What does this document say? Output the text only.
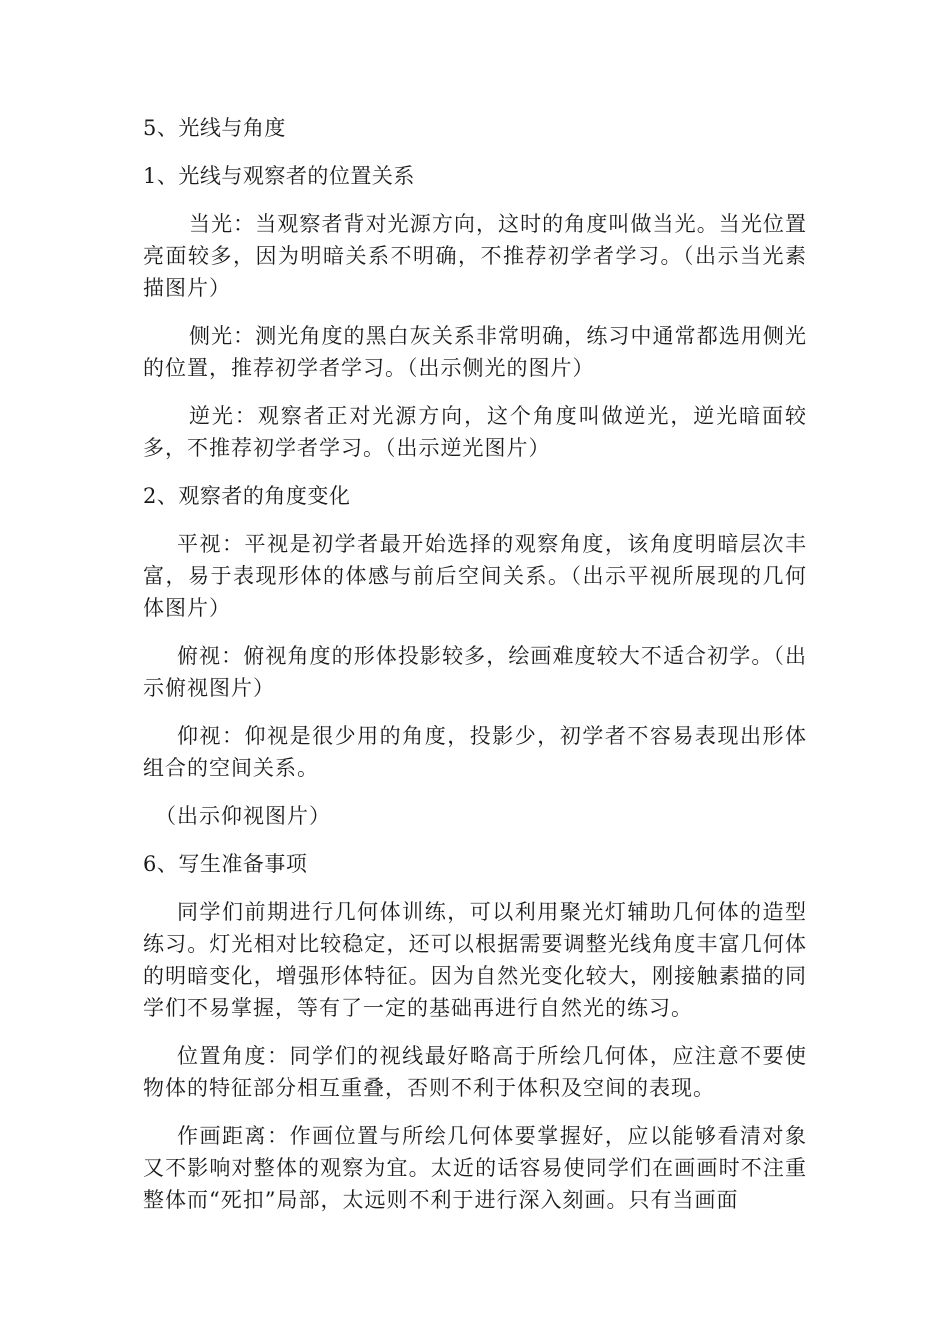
5、光线与角度

1、光线与观察者的位置关系

当光：当观察者背对光源方向，这时的角度叫做当光。当光位置亮面较多，因为明暗关系不明确，不推荐初学者学习。（出示当光素描图片）

侧光：测光角度的黑白灰关系非常明确，练习中通常都选用侧光的位置，推荐初学者学习。（出示侧光的图片）

逆光：观察者正对光源方向，这个角度叫做逆光，逆光暗面较多，不推荐初学者学习。（出示逆光图片）

2、观察者的角度变化

平视：平视是初学者最开始选择的观察角度，该角度明暗层次丰富，易于表现形体的体感与前后空间关系。（出示平视所展现的几何体图片）

俯视：俯视角度的形体投影较多，绘画难度较大不适合初学。（出示俯视图片）

仰视：仰视是很少用的角度，投影少，初学者不容易表现出形体组合的空间关系。

（出示仰视图片）

6、写生准备事项

同学们前期进行几何体训练，可以利用聚光灯辅助几何体的造型练习。灯光相对比较稳定，还可以根据需要调整光线角度丰富几何体的明暗变化，增强形体特征。因为自然光变化较大，刚接触素描的同学们不易掌握，等有了一定的基础再进行自然光的练习。

位置角度：同学们的视线最好略高于所绘几何体，应注意不要使物体的特征部分相互重叠，否则不利于体积及空间的表现。

作画距离：作画位置与所绘几何体要掌握好，应以能够看清对象又不影响对整体的观察为宜。太近的话容易使同学们在画画时不注重整体而“死扣”局部，太远则不利于进行深入刻画。只有当画面
